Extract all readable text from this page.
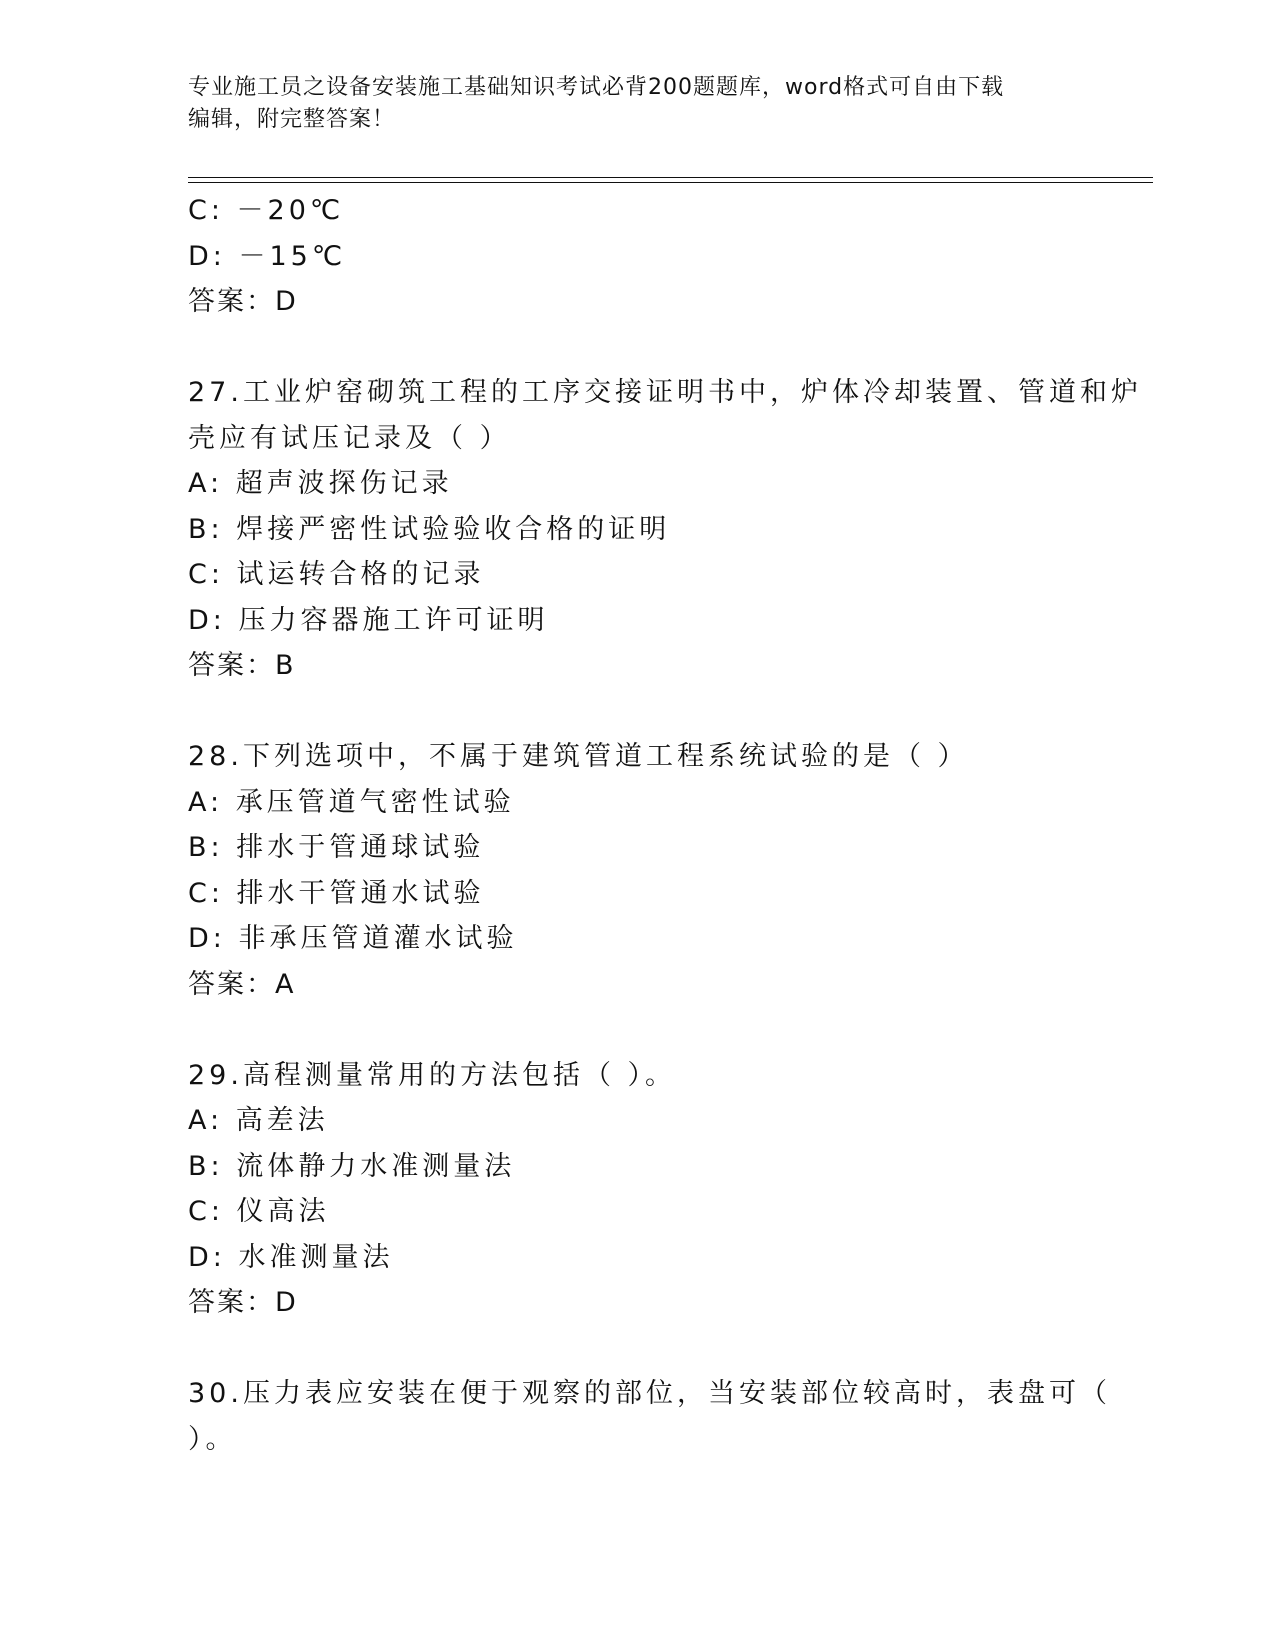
专业施工员之设备安装施工基础知识考试必背200题题库，word格式可自由下载
编辑，附完整答案！
C: －20℃
D: －15℃
答案：D
27.工业炉窑砌筑工程的工序交接证明书中，炉体冷却装置、管道和炉
壳应有试压记录及（ ）
A: 超声波探伤记录
B: 焊接严密性试验验收合格的证明
C: 试运转合格的记录
D: 压力容器施工许可证明
答案：B
28.下列选项中，不属于建筑管道工程系统试验的是（ ）
A: 承压管道气密性试验
B: 排水于管通球试验
C: 排水干管通水试验
D: 非承压管道灌水试验
答案：A
29.高程测量常用的方法包括（ ）。
A: 高差法
B: 流体静力水准测量法
C: 仪高法
D: 水准测量法
答案：D
30.压力表应安装在便于观察的部位，当安装部位较高时，表盘可（
）。
